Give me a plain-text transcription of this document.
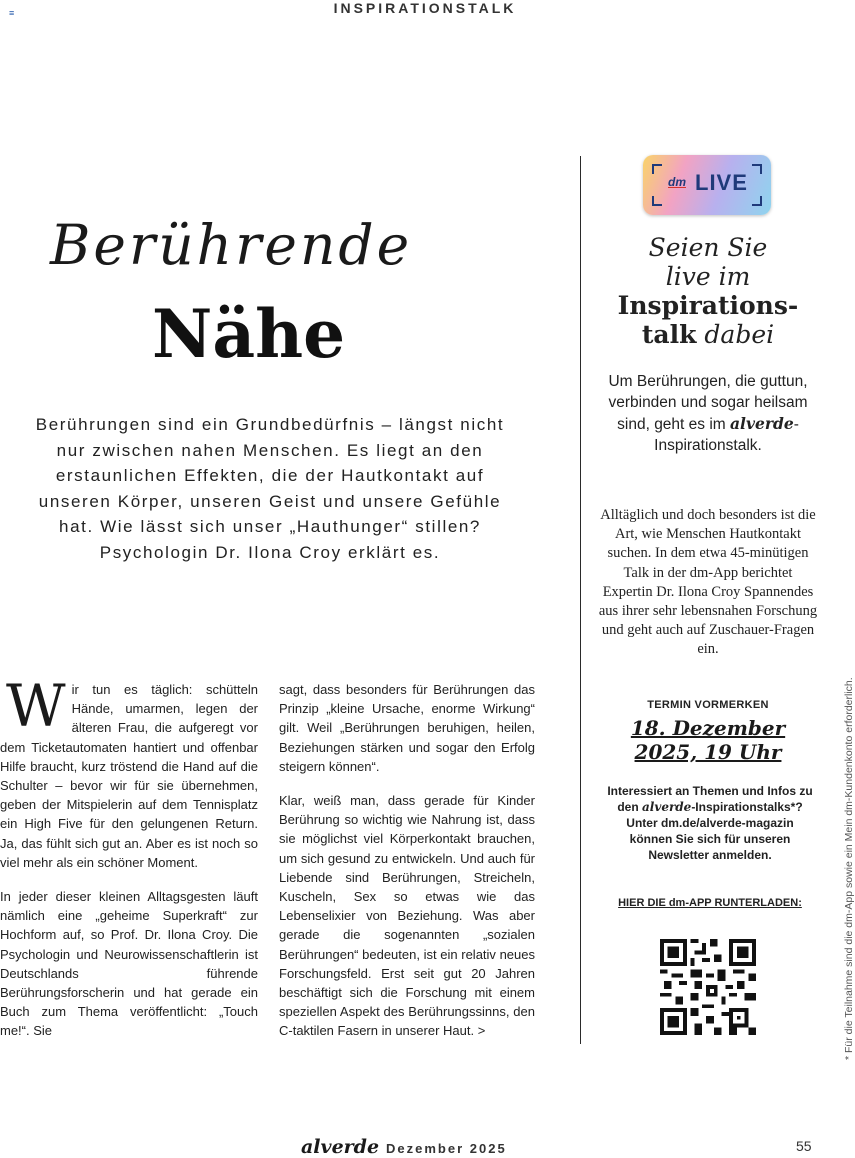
≡	INSPIRATIONSTALK
Berührende
Nähe
Berührungen sind ein Grundbedürfnis – längst nicht nur zwischen nahen Menschen. Es liegt an den erstaunlichen Effekten, die der Hautkontakt auf unseren Körper, unseren Geist und unsere Gefühle hat. Wie lässt sich unser „Hauthunger“ stillen? Psychologin Dr. Ilona Croy erklärt es.

Wir tun es täglich: schütteln Hände, umarmen, legen der älteren Frau, die aufgeregt vor dem Ticketautomaten hantiert und offenbar Hilfe braucht, kurz tröstend die Hand auf die Schulter – bevor wir für sie übernehmen, geben der Mitspielerin auf dem Tennisplatz ein High Five für den gelungenen Return. Ja, das fühlt sich gut an. Aber es ist noch so viel mehr als ein schöner Moment.

In jeder dieser kleinen Alltagsgesten läuft nämlich eine „geheime Superkraft“ zur Hochform auf, so Prof. Dr. Ilona Croy. Die Psychologin und Neurowissenschaftlerin ist Deutschlands führende Berührungsforscherin und hat gerade ein Buch zum Thema veröffentlicht: „Touch me!“. Sie

sagt, dass besonders für Berührungen das Prinzip „kleine Ursache, enorme Wirkung“ gilt. Weil „Berührungen beruhigen, heilen, Beziehungen stärken und sogar den Erfolg steigern können“.

Klar, weiß man, dass gerade für Kinder Berührung so wichtig wie Nahrung ist, dass sie möglichst viel Körperkontakt brauchen, um sich gesund zu entwickeln. Und auch für Liebende sind Berührungen, Streicheln, Kuscheln, Sex so etwas wie das Lebenselixier von Beziehung. Was aber gerade die sogenannten „sozialen Berührungen“ bedeuten, ist ein relativ neues Forschungsfeld. Erst seit gut 20 Jahren beschäftigt sich die Forschung mit einem speziellen Aspekt des Berührungssinns, den C-taktilen Fasern in unserer Haut. >

dm LIVE
Seien Sie
live im
Inspirations-
talk dabei
Um Berührungen, die guttun, verbinden und sogar heilsam sind, geht es im alverde-Inspirationstalk.
Alltäglich und doch besonders ist die Art, wie Menschen Hautkontakt suchen. In dem etwa 45-minütigen Talk in der dm-App berichtet Expertin Dr. Ilona Croy Spannendes aus ihrer sehr lebensnahen Forschung und geht auch auf Zuschauer-Fragen ein.
TERMIN VORMERKEN
18. Dezember 2025, 19 Uhr
Interessiert an Themen und Infos zu den alverde-Inspirationstalks*? Unter dm.de/alverde-magazin können Sie sich für unseren Newsletter anmelden.
HIER DIE dm-APP RUNTERLADEN:	* Für die Teilnahme sind die dm-App sowie ein Mein dm-Kundenkonto erforderlich.
alverde Dezember 2025	55
